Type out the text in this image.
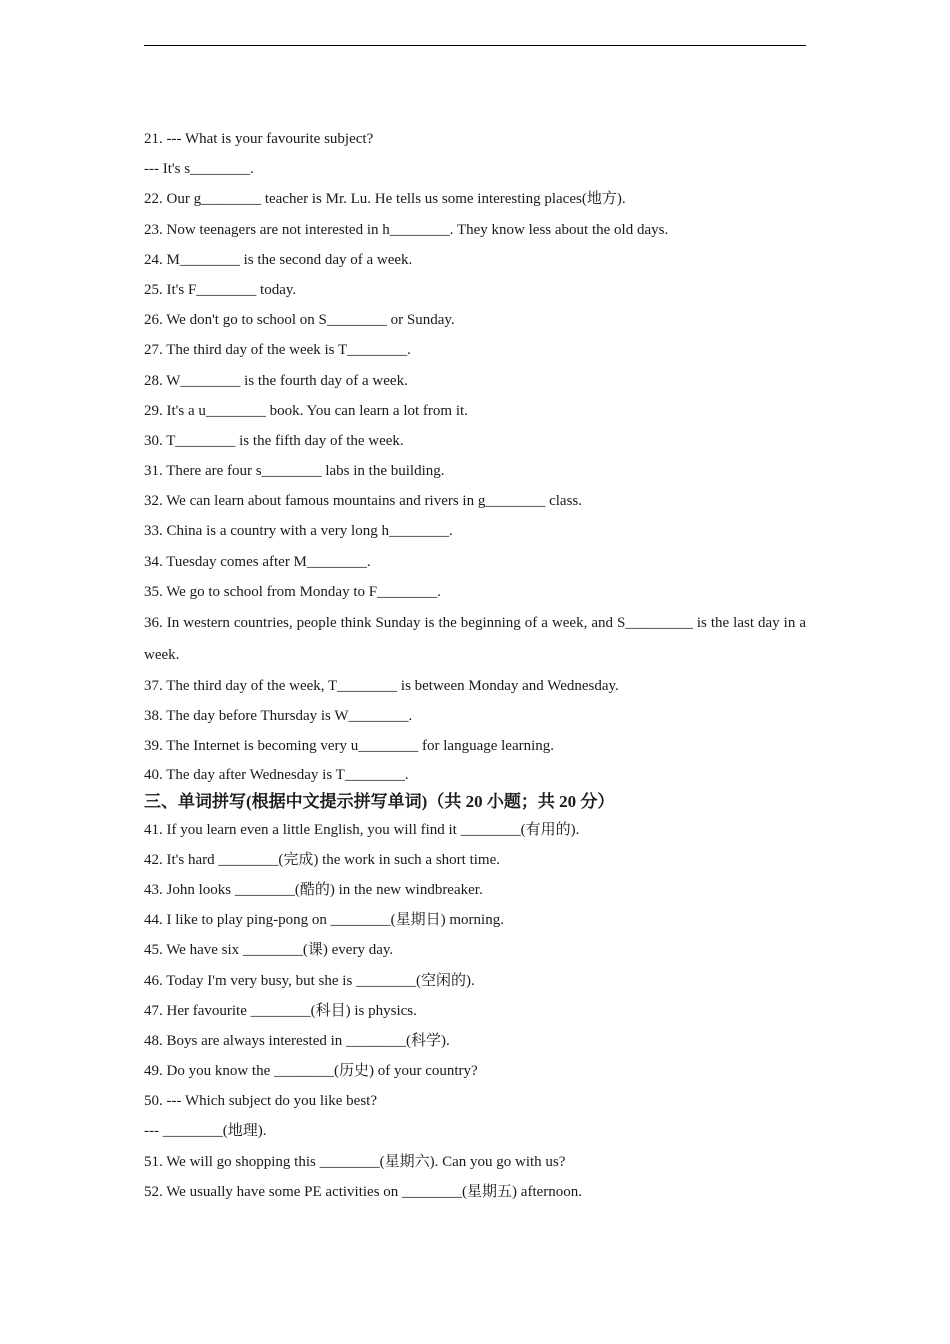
21. --- What is your favourite subject?
--- It's s________.
22. Our g________ teacher is Mr. Lu. He tells us some interesting places(地方).
23. Now teenagers are not interested in h________. They know less about the old days.
24. M________ is the second day of a week.
25. It's F________ today.
26. We don't go to school on S________ or Sunday.
27. The third day of the week is T________.
28. W________ is the fourth day of a week.
29. It's a u________ book. You can learn a lot from it.
30. T________ is the fifth day of the week.
31. There are four s________ labs in the building.
32. We can learn about famous mountains and rivers in g________ class.
33. China is a country with a very long h________.
34. Tuesday comes after M________.
35. We go to school from Monday to F________.
36. In western countries, people think Sunday is the beginning of a week, and S_________ is the last day in a week.
37. The third day of the week, T________ is between Monday and Wednesday.
38. The day before Thursday is W________.
39. The Internet is becoming very u________ for language learning.
40. The day after Wednesday is T________.
三、单词拼写(根据中文提示拼写单词)（共 20 小题；共 20 分）
41. If you learn even a little English, you will find it ________(有用的).
42. It's hard ________(完成) the work in such a short time.
43. John looks ________(酷的) in the new windbreaker.
44. I like to play ping-pong on ________(星期日) morning.
45. We have six ________(课) every day.
46. Today I'm very busy, but she is ________(空闲的).
47. Her favourite ________(科目) is physics.
48. Boys are always interested in ________(科学).
49. Do you know the ________(历史) of your country?
50. --- Which subject do you like best?
--- ________(地理).
51. We will go shopping this ________(星期六). Can you go with us?
52. We usually have some PE activities on ________(星期五) afternoon.
